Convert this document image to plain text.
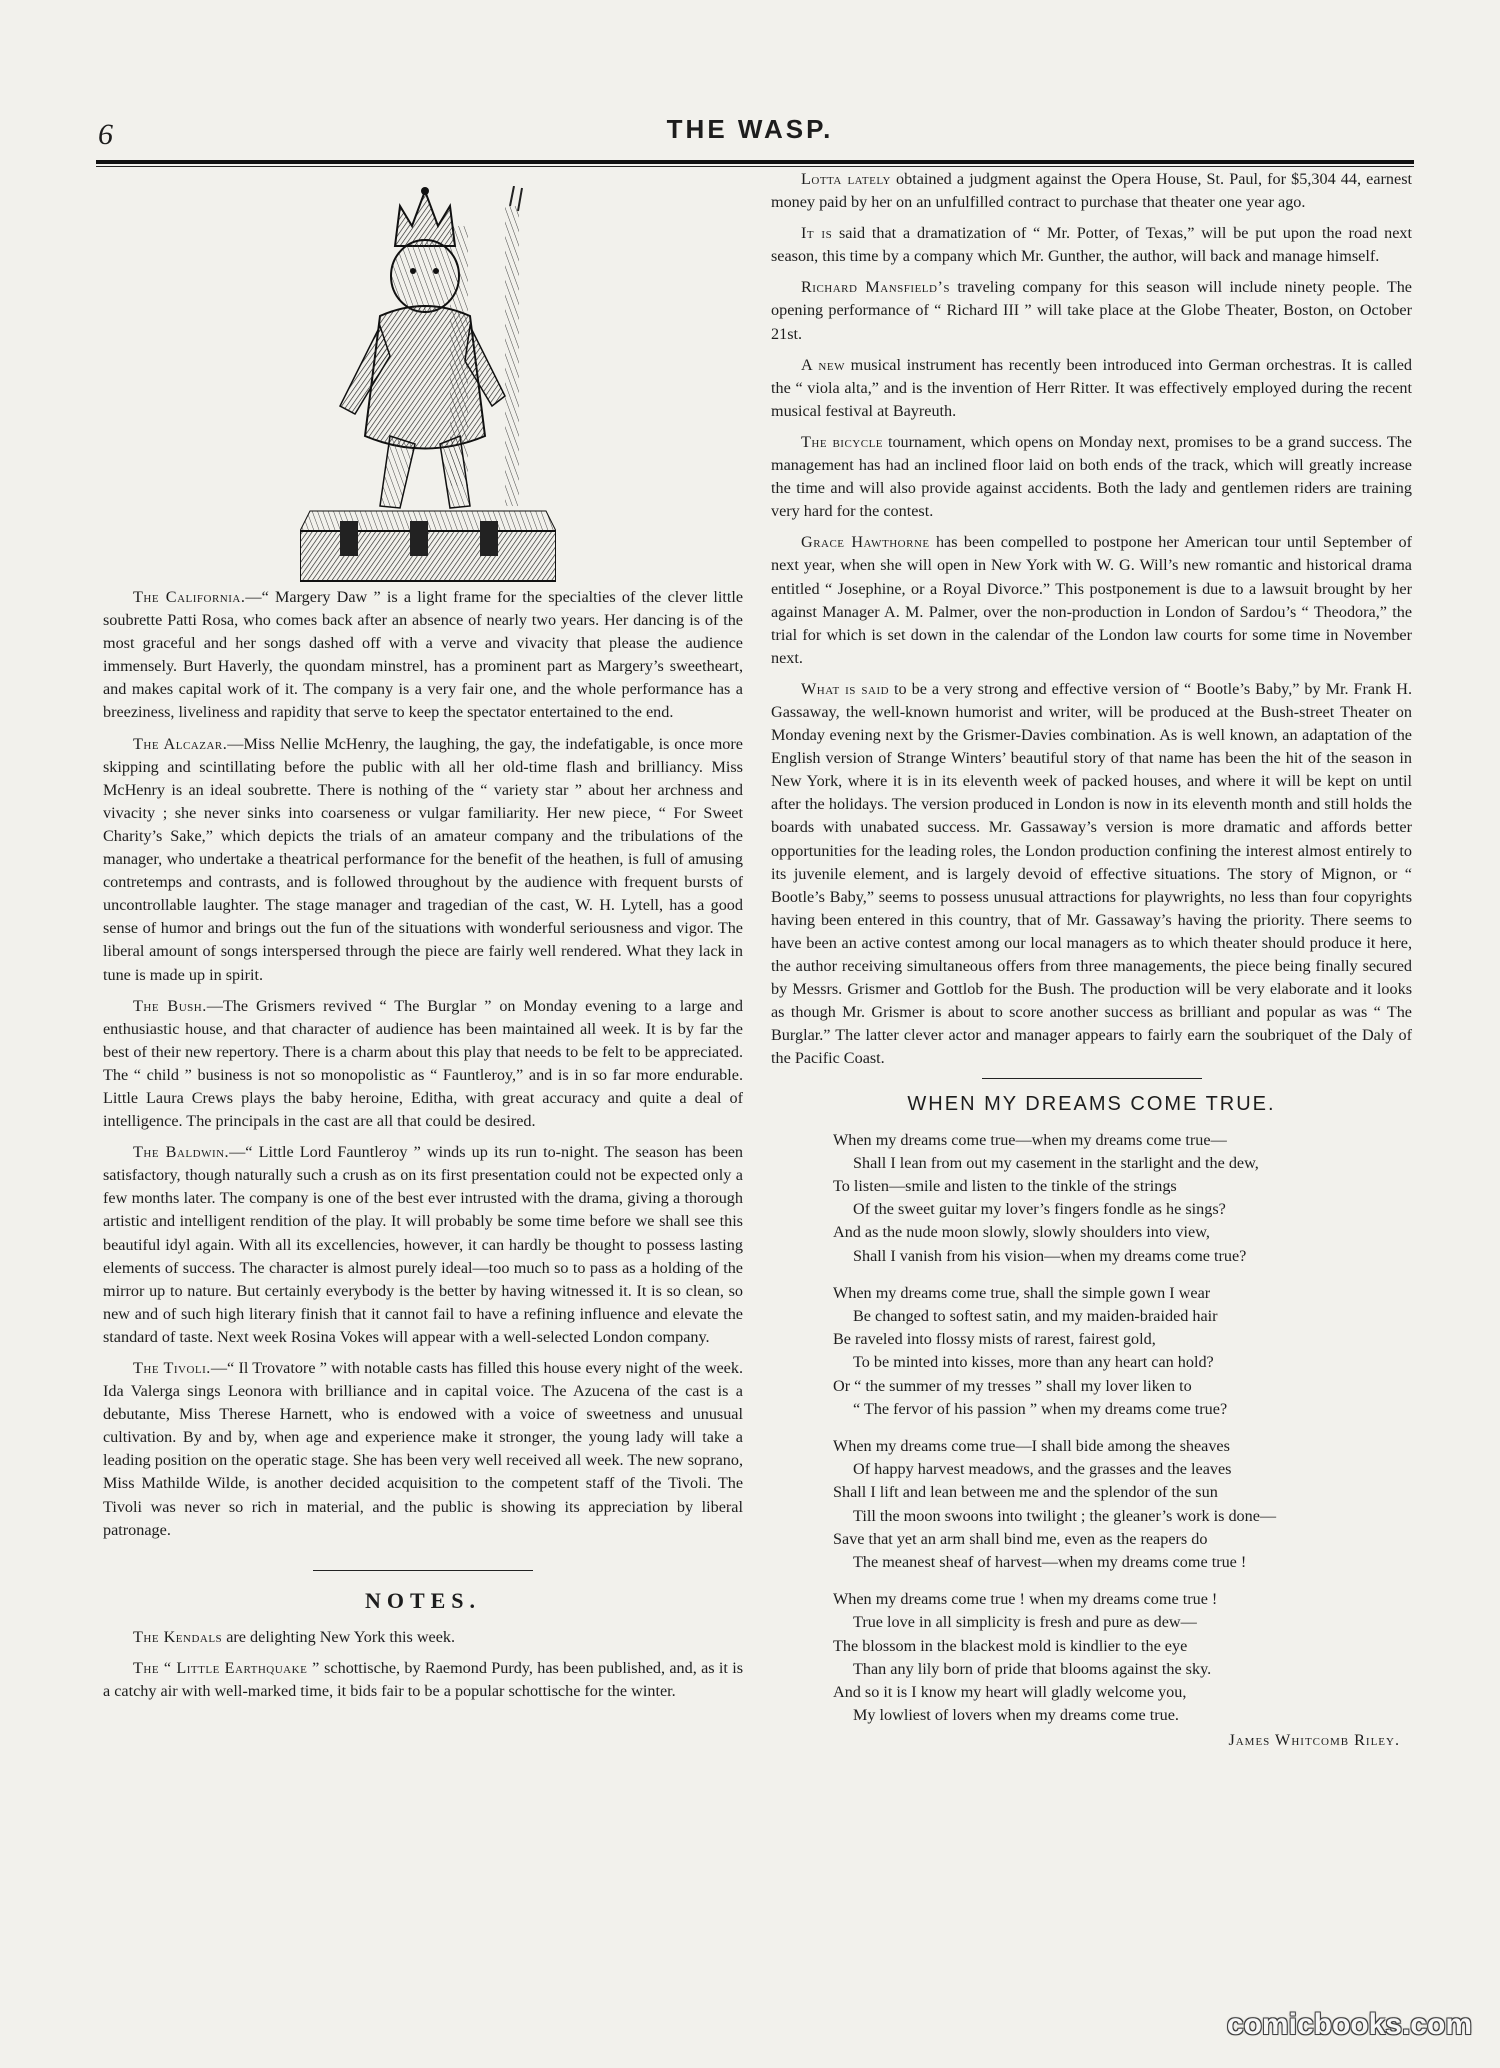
6	THE WASP.

The California.—“ Margery Daw ” is a light frame for the specialties of the clever little soubrette Patti Rosa, who comes back after an absence of nearly two years. Her dancing is of the most graceful and her songs dashed off with a verve and vivacity that please the audience immensely. Burt Haverly, the quondam minstrel, has a prominent part as Margery’s sweetheart, and makes capital work of it. The company is a very fair one, and the whole performance has a breeziness, liveliness and rapidity that serve to keep the spectator entertained to the end.

The Alcazar.—Miss Nellie McHenry, the laughing, the gay, the indefatigable, is once more skipping and scintillating before the public with all her old-time flash and brilliancy. Miss McHenry is an ideal soubrette. There is nothing of the “ variety star ” about her archness and vivacity ; she never sinks into coarseness or vulgar familiarity. Her new piece, “ For Sweet Charity’s Sake,” which depicts the trials of an amateur company and the tribulations of the manager, who undertake a theatrical performance for the benefit of the heathen, is full of amusing contretemps and contrasts, and is followed throughout by the audience with frequent bursts of uncontrollable laughter. The stage manager and tragedian of the cast, W. H. Lytell, has a good sense of humor and brings out the fun of the situations with wonderful seriousness and vigor. The liberal amount of songs interspersed through the piece are fairly well rendered. What they lack in tune is made up in spirit.

The Bush.—The Grismers revived “ The Burglar ” on Monday evening to a large and enthusiastic house, and that character of audience has been maintained all week. It is by far the best of their new repertory. There is a charm about this play that needs to be felt to be appreciated. The “ child ” business is not so monopolistic as “ Fauntleroy,” and is in so far more endurable. Little Laura Crews plays the baby heroine, Editha, with great accuracy and quite a deal of intelligence. The principals in the cast are all that could be desired.

The Baldwin.—“ Little Lord Fauntleroy ” winds up its run to-night. The season has been satisfactory, though naturally such a crush as on its first presentation could not be expected only a few months later. The company is one of the best ever intrusted with the drama, giving a thorough artistic and intelligent rendition of the play. It will probably be some time before we shall see this beautiful idyl again. With all its excellencies, however, it can hardly be thought to possess lasting elements of success. The character is almost purely ideal—too much so to pass as a holding of the mirror up to nature. But certainly everybody is the better by having witnessed it. It is so clean, so new and of such high literary finish that it cannot fail to have a refining influence and elevate the standard of taste. Next week Rosina Vokes will appear with a well-selected London company.

The Tivoli.—“ Il Trovatore ” with notable casts has filled this house every night of the week. Ida Valerga sings Leonora with brilliance and in capital voice. The Azucena of the cast is a debutante, Miss Therese Harnett, who is endowed with a voice of sweetness and unusual cultivation. By and by, when age and experience make it stronger, the young lady will take a leading position on the operatic stage. She has been very well received all week. The new soprano, Miss Mathilde Wilde, is another decided acquisition to the competent staff of the Tivoli. The Tivoli was never so rich in material, and the public is showing its appreciation by liberal patronage.

NOTES.

The Kendals are delighting New York this week.

The “ Little Earthquake ” schottische, by Raemond Purdy, has been published, and, as it is a catchy air with well-marked time, it bids fair to be a popular schottische for the winter.

Lotta lately obtained a judgment against the Opera House, St. Paul, for $5,304 44, earnest money paid by her on an unfulfilled contract to purchase that theater one year ago.

It is said that a dramatization of “ Mr. Potter, of Texas,” will be put upon the road next season, this time by a company which Mr. Gunther, the author, will back and manage himself.

Richard Mansfield’s traveling company for this season will include ninety people. The opening performance of “ Richard III ” will take place at the Globe Theater, Boston, on October 21st.

A new musical instrument has recently been introduced into German orchestras. It is called the “ viola alta,” and is the invention of Herr Ritter. It was effectively employed during the recent musical festival at Bayreuth.

The bicycle tournament, which opens on Monday next, promises to be a grand success. The management has had an inclined floor laid on both ends of the track, which will greatly increase the time and will also provide against accidents. Both the lady and gentlemen riders are training very hard for the contest.

Grace Hawthorne has been compelled to postpone her American tour until September of next year, when she will open in New York with W. G. Will’s new romantic and historical drama entitled “ Josephine, or a Royal Divorce.” This postponement is due to a lawsuit brought by her against Manager A. M. Palmer, over the non-production in London of Sardou’s “ Theodora,” the trial for which is set down in the calendar of the London law courts for some time in November next.

What is said to be a very strong and effective version of “ Bootle’s Baby,” by Mr. Frank H. Gassaway, the well-known humorist and writer, will be produced at the Bush-street Theater on Monday evening next by the Grismer-Davies combination. As is well known, an adaptation of the English version of Strange Winters’ beautiful story of that name has been the hit of the season in New York, where it is in its eleventh week of packed houses, and where it will be kept on until after the holidays. The version produced in London is now in its eleventh month and still holds the boards with unabated success. Mr. Gassaway’s version is more dramatic and affords better opportunities for the leading roles, the London production confining the interest almost entirely to its juvenile element, and is largely devoid of effective situations. The story of Mignon, or “ Bootle’s Baby,” seems to possess unusual attractions for playwrights, no less than four copyrights having been entered in this country, that of Mr. Gassaway’s having the priority. There seems to have been an active contest among our local managers as to which theater should produce it here, the author receiving simultaneous offers from three managements, the piece being finally secured by Messrs. Grismer and Gottlob for the Bush. The production will be very elaborate and it looks as though Mr. Grismer is about to score another success as brilliant and popular as was “ The Burglar.” The latter clever actor and manager appears to fairly earn the soubriquet of the Daly of the Pacific Coast.

WHEN MY DREAMS COME TRUE.
When my dreams come true—when my dreams come true—
Shall I lean from out my casement in the starlight and the dew,
To listen—smile and listen to the tinkle of the strings
Of the sweet guitar my lover’s fingers fondle as he sings?
And as the nude moon slowly, slowly shoulders into view,
Shall I vanish from his vision—when my dreams come true?
When my dreams come true, shall the simple gown I wear
Be changed to softest satin, and my maiden-braided hair
Be raveled into flossy mists of rarest, fairest gold,
To be minted into kisses, more than any heart can hold?
Or “ the summer of my tresses ” shall my lover liken to
“ The fervor of his passion ” when my dreams come true?
When my dreams come true—I shall bide among the sheaves
Of happy harvest meadows, and the grasses and the leaves
Shall I lift and lean between me and the splendor of the sun
Till the moon swoons into twilight ; the gleaner’s work is done—
Save that yet an arm shall bind me, even as the reapers do
The meanest sheaf of harvest—when my dreams come true !
When my dreams come true ! when my dreams come true !
True love in all simplicity is fresh and pure as dew—
The blossom in the blackest mold is kindlier to the eye
Than any lily born of pride that blooms against the sky.
And so it is I know my heart will gladly welcome you,
My lowliest of lovers when my dreams come true.
James Whitcomb Riley.
comicbooks.com
